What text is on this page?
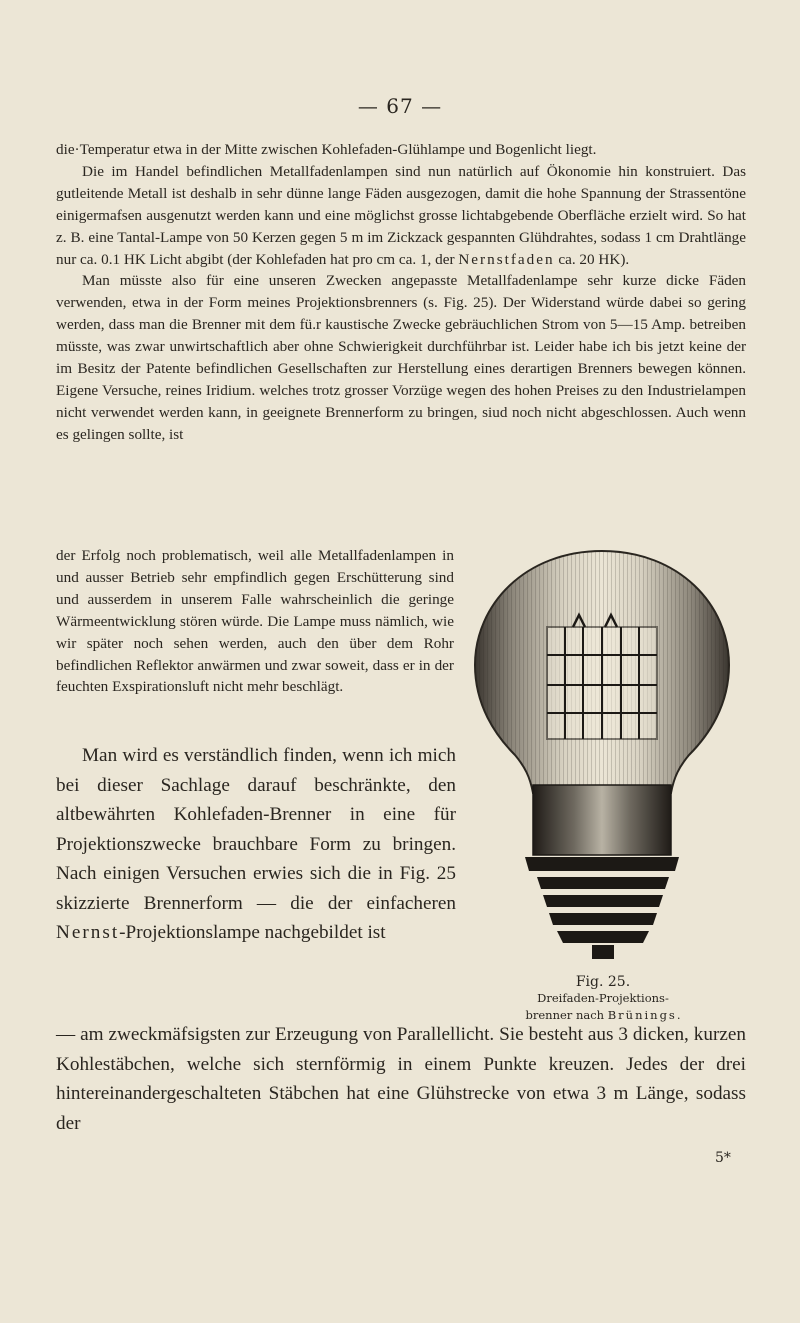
— 67 —

die·Temperatur etwa in der Mitte zwischen Kohlefaden-Glühlampe und Bogenlicht liegt.

Die im Handel befindlichen Metallfadenlampen sind nun natürlich auf Ökonomie hin konstruiert. Das gutleitende Metall ist deshalb in sehr dünne lange Fäden ausgezogen, damit die hohe Spannung der Strassentöne einigermafsen ausgenutzt werden kann und eine möglichst grosse lichtabgebende Oberfläche erzielt wird. So hat z. B. eine Tantal-Lampe von 50 Kerzen gegen 5 m im Zickzack gespannten Glühdrahtes, sodass 1 cm Drahtlänge nur ca. 0.1 HK Licht abgibt (der Kohlefaden hat pro cm ca. 1, der Nernstfaden ca. 20 HK).

Man müsste also für eine unseren Zwecken angepasste Metallfadenlampe sehr kurze dicke Fäden verwenden, etwa in der Form meines Projektionsbrenners (s. Fig. 25). Der Widerstand würde dabei so gering werden, dass man die Brenner mit dem fü.r kaustische Zwecke gebräuchlichen Strom von 5—15 Amp. betreiben müsste, was zwar unwirtschaftlich aber ohne Schwierigkeit durchführbar ist. Leider habe ich bis jetzt keine der im Besitz der Patente befindlichen Gesellschaften zur Herstellung eines derartigen Brenners bewegen können. Eigene Versuche, reines Iridium. welches trotz grosser Vorzüge wegen des hohen Preises zu den Industrielampen nicht verwendet werden kann, in geeignete Brennerform zu bringen, siud noch nicht abgeschlossen. Auch wenn es gelingen sollte, ist

der Erfolg noch problematisch, weil alle Metallfadenlampen in und ausser Betrieb sehr empfindlich gegen Erschütterung sind und ausserdem in unserem Falle wahrscheinlich die geringe Wärmeentwicklung stören würde. Die Lampe muss nämlich, wie wir später noch sehen werden, auch den über dem Rohr befindlichen Reflektor anwärmen und zwar soweit, dass er in der feuchten Exspirationsluft nicht mehr beschlägt.

Man wird es verständlich finden, wenn ich mich bei dieser Sachlage darauf beschränkte, den altbewährten Kohlefaden-Brenner in eine für Projektionszwecke brauchbare Form zu bringen. Nach einigen Versuchen erwies sich die in Fig. 25 skizzierte Brennerform — die der einfacheren Nernst-Projektionslampe nachgebildet ist

— am zweckmäfsigsten zur Erzeugung von Parallellicht. Sie besteht aus 3 dicken, kurzen Kohlestäbchen, welche sich sternförmig in einem Punkte kreuzen. Jedes der drei hintereinandergeschalteten Stäbchen hat eine Glühstrecke von etwa 3 m Länge, sodass der

Fig. 25.
Dreifaden-Projektions-
brenner nach Brünings.
5*
